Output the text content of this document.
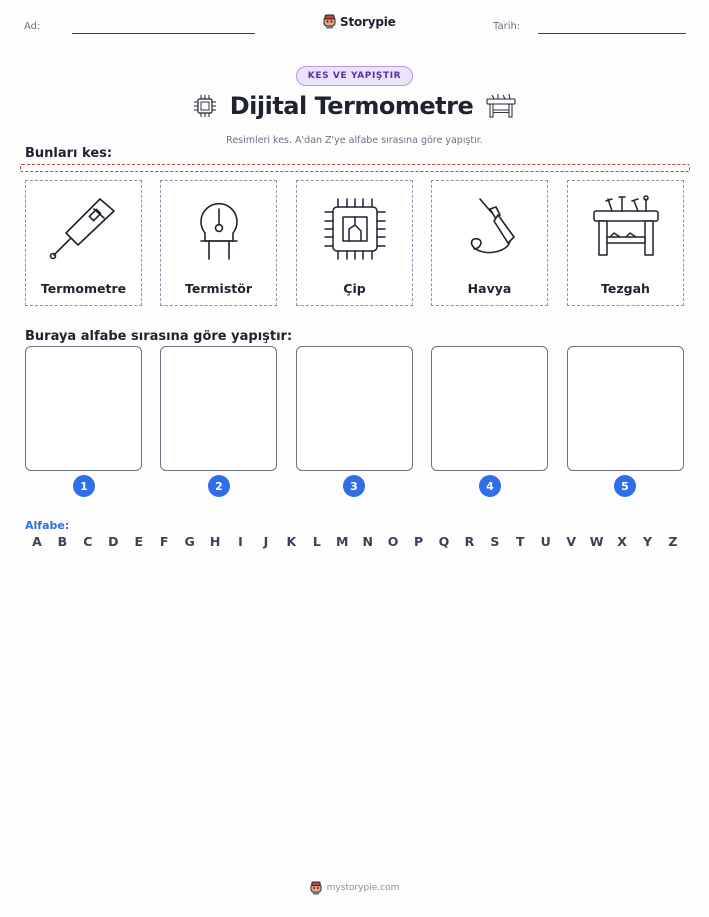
Ad:	Storypie	Tarih:
KES VE YAPIŞTIR
Dijital Termometre
Resimleri kes. A'dan Z'ye alfabe sırasına göre yapıştır.
Bunları kes:
Termometre	Termistör	Çip	Havya	Tezgah
Buraya alfabe sırasına göre yapıştır:
1	2	3	4	5
Alfabe:
A B C D E F G H	I	J	K L M N O P Q R S T U V W X Y Z
mystorypie.com
